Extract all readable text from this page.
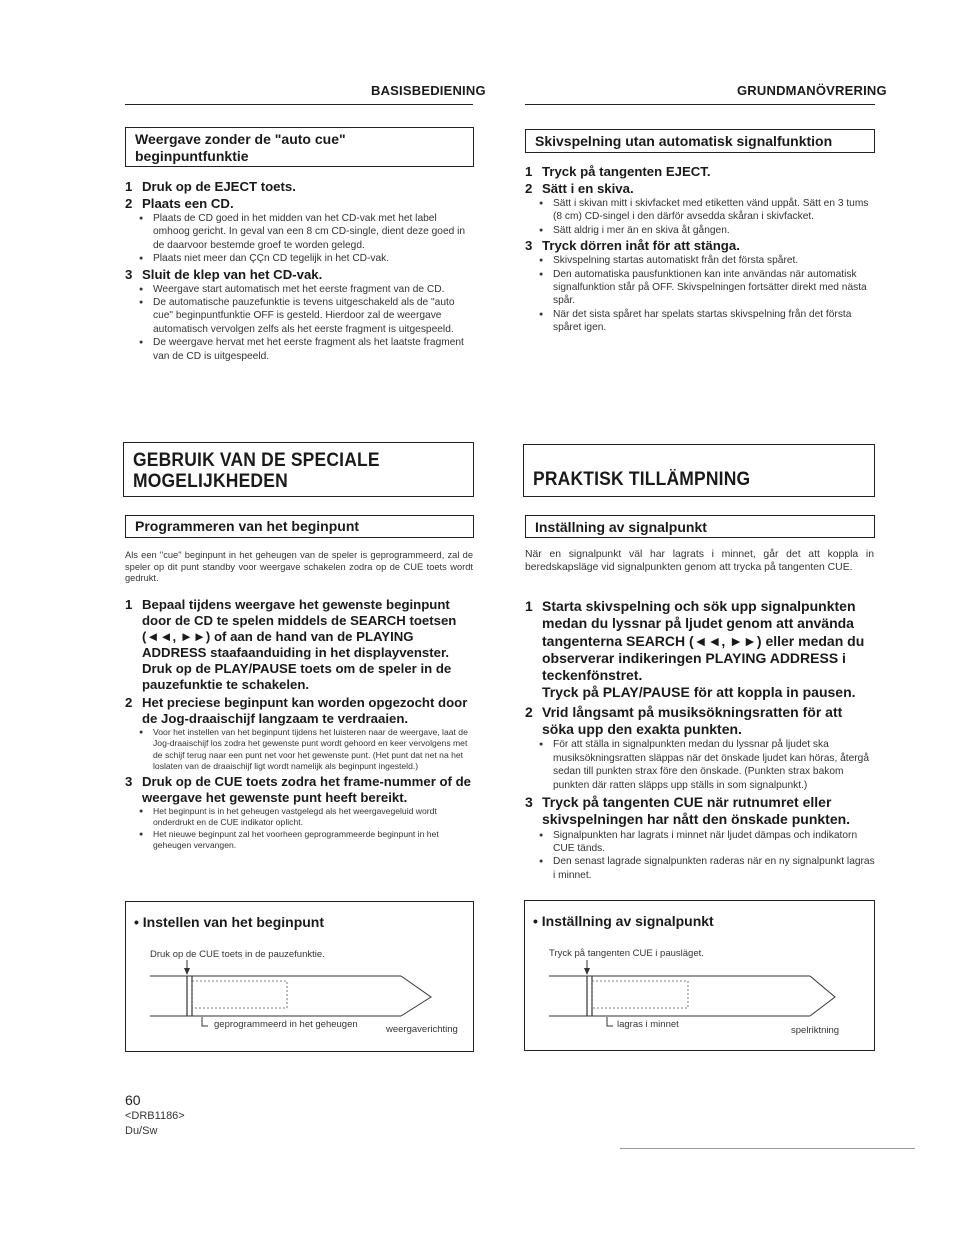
BASISBEDIENING	GRUNDMANÖVRERING
Weergave zonder de "auto cue" beginpuntfunktie
1 Druk op de EJECT toets.
2 Plaats een CD.
● Plaats de CD goed in het midden van het CD-vak met het label omhoog gericht. In geval van een 8 cm CD-single, dient deze goed in de daarvoor bestemde groef te worden gelegd.
● Plaats niet meer dan ÇÇn CD tegelijk in het CD-vak.
3 Sluit de klep van het CD-vak.
● Weergave start automatisch met het eerste fragment van de CD.
● De automatische pauzefunktie is tevens uitgeschakeld als de "auto cue" beginpuntfunktie OFF is gesteld. Hierdoor zal de weergave automatisch vervolgen zelfs als het eerste fragment is uitgespeeld.
● De weergave hervat met het eerste fragment als het laatste fragment van de CD is uitgespeeld.
Skivspelning utan automatisk signalfunktion
1 Tryck på tangenten EJECT.
2 Sätt i en skiva.
● Sätt i skivan mitt i skivfacket med etiketten vänd uppåt. Sätt en 3 tums (8 cm) CD-singel i den därför avsedda skåran i skivfacket.
● Sätt aldrig i mer än en skiva åt gången.
3 Tryck dörren inåt för att stänga.
● Skivspelning startas automatiskt från det första spåret.
● Den automatiska pausfunktionen kan inte användas när automatisk signalfunktion står på OFF. Skivspelningen fortsätter direkt med nästa spår.
● När det sista spåret har spelats startas skivspelning från det första spåret igen.
GEBRUIK VAN DE SPECIALE
MOGELIJKHEDEN	PRAKTISK TILLÄMPNING
Programmeren van het beginpunt	Inställning av signalpunkt
Als een "cue" beginpunt in het geheugen van de speler is geprogrammeerd, zal de speler op dit punt standby voor weergave schakelen zodra op de CUE toets wordt gedrukt.
När en signalpunkt väl har lagrats i minnet, går det att koppla in beredskapsläge vid signalpunkten genom att trycka på tangenten CUE.
1 Bepaal tijdens weergave het gewenste beginpunt door de CD te spelen middels de SEARCH toetsen (◄◄, ►►) of aan de hand van de PLAYING ADDRESS staafaanduiding in het displayvenster.
Druk op de PLAY/PAUSE toets om de speler in de pauzefunktie te schakelen.
2 Het preciese beginpunt kan worden opgezocht door de Jog-draaischijf langzaam te verdraaien.
● Voor het instellen van het beginpunt tijdens het luisteren naar de weergave, laat de Jog-draaischijf los zodra het gewenste punt wordt gehoord en keer vervolgens met de schijf terug naar een punt net voor het gewenste punt. (Het punt dat net na het loslaten van de draaischijf ligt wordt namelijk als beginpunt ingesteld.)
3 Druk op de CUE toets zodra het frame-nummer of de weergave het gewenste punt heeft bereikt.
● Het beginpunt is in het geheugen vastgelegd als het weergavegeluid wordt onderdrukt en de CUE indikator oplicht.
● Het nieuwe beginpunt zal het voorheen geprogrammeerde beginpunt in het geheugen vervangen.
1 Starta skivspelning och sök upp signalpunkten medan du lyssnar på ljudet genom att använda tangenterna SEARCH (◄◄, ►►) eller medan du observerar indikeringen PLAYING ADDRESS i teckenfönstret.
Tryck på PLAY/PAUSE för att koppla in pausen.
2 Vrid långsamt på musiksökningsratten för att söka upp den exakta punkten.
● För att ställa in signalpunkten medan du lyssnar på ljudet ska musiksökningsratten släppas när det önskade ljudet kan höras, återgå sedan till punkten strax före den önskade. (Punkten strax bakom punkten där ratten släpps upp ställs in som signalpunkt.)
3 Tryck på tangenten CUE när rutnumret eller skivspelningen har nått den önskade punkten.
● Signalpunkten har lagrats i minnet när ljudet dämpas och indikatorn CUE tänds.
● Den senast lagrade signalpunkten raderas när en ny signalpunkt lagras i minnet.
• Instellen van het beginpunt
Druk op de CUE toets in de pauzefunktie.
geprogrammeerd in het geheugen	weergaverichting
• Inställning av signalpunkt
Tryck på tangenten CUE i pausläget.
lagras i minnet
spelriktning
60
<DRB1186>
Du/Sw
